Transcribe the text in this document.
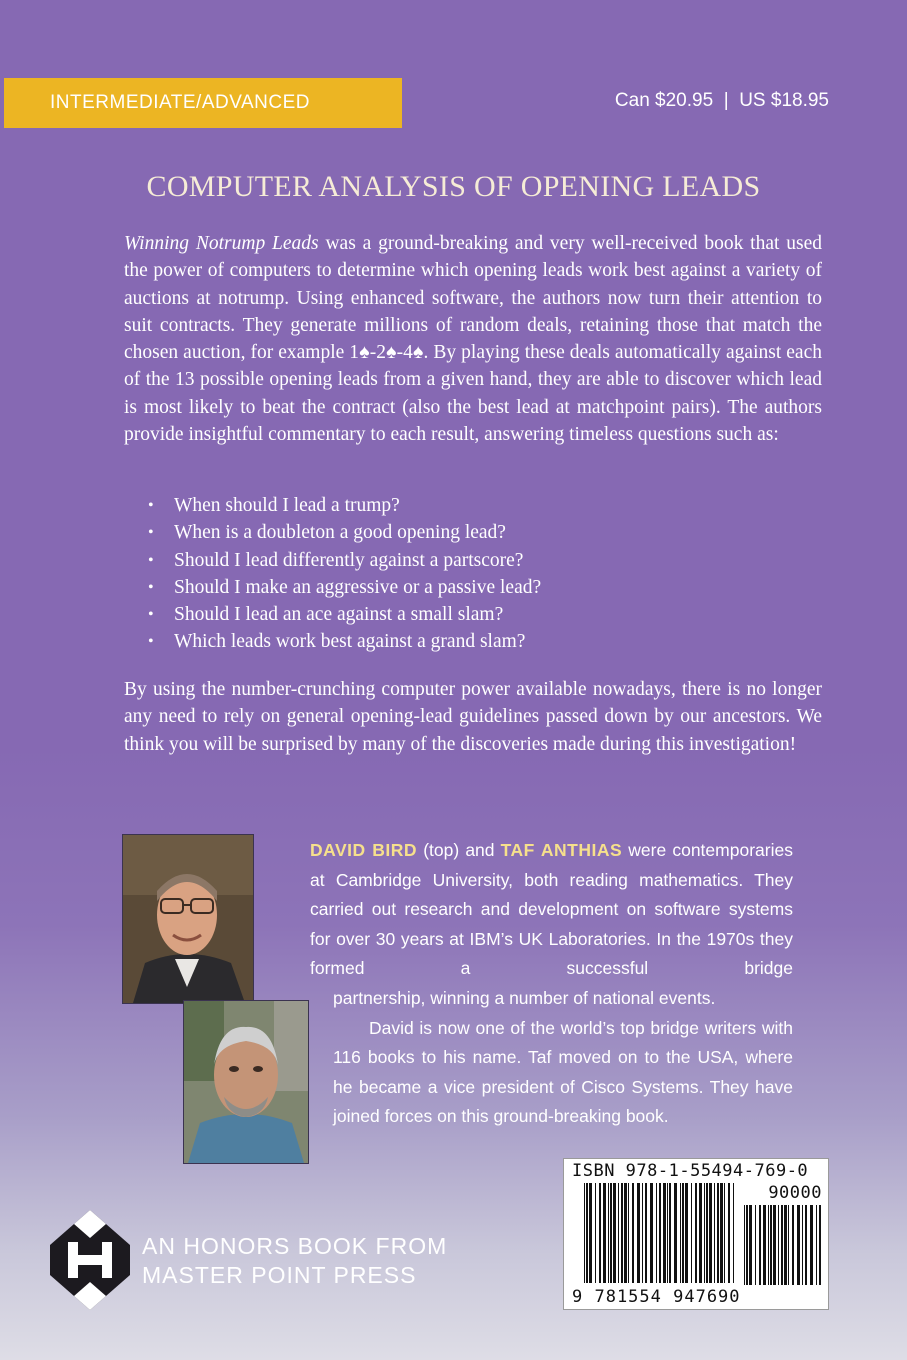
INTERMEDIATE/ADVANCED	Can $20.95  |  US $18.95
COMPUTER ANALYSIS OF OPENING LEADS
Winning Notrump Leads was a ground-breaking and very well-received book that used the power of computers to determine which opening leads work best against a variety of auctions at notrump. Using enhanced software, the authors now turn their attention to suit contracts. They generate millions of random deals, retaining those that match the chosen auction, for example 1♠-2♠-4♠. By playing these deals automatically against each of the 13 possible opening leads from a given hand, they are able to discover which lead is most likely to beat the contract (also the best lead at matchpoint pairs). The authors provide insightful commentary to each result, answering timeless questions such as:
• When should I lead a trump?
• When is a doubleton a good opening lead?
• Should I lead differently against a partscore?
• Should I make an aggressive or a passive lead?
• Should I lead an ace against a small slam?
• Which leads work best against a grand slam?
By using the number-crunching computer power available nowadays, there is no longer any need to rely on general opening-lead guidelines passed down by our ancestors. We think you will be surprised by many of the discoveries made during this investigation!
DAVID BIRD (top) and TAF ANTHIAS were contemporaries at Cambridge University, both reading mathematics. They carried out research and development on software systems for over 30 years at IBM’s UK Laboratories. In the 1970s they formed a successful bridge
partnership, winning a number of national events.
David is now one of the world’s top bridge writers with 116 books to his name. Taf moved on to the USA, where he became a vice president of Cisco Systems. They have joined forces on this ground-breaking book.
ISBN 978-1-55494-769-0
90000
9 781554 947690
AN HONORS BOOK FROM
MASTER POINT PRESS
